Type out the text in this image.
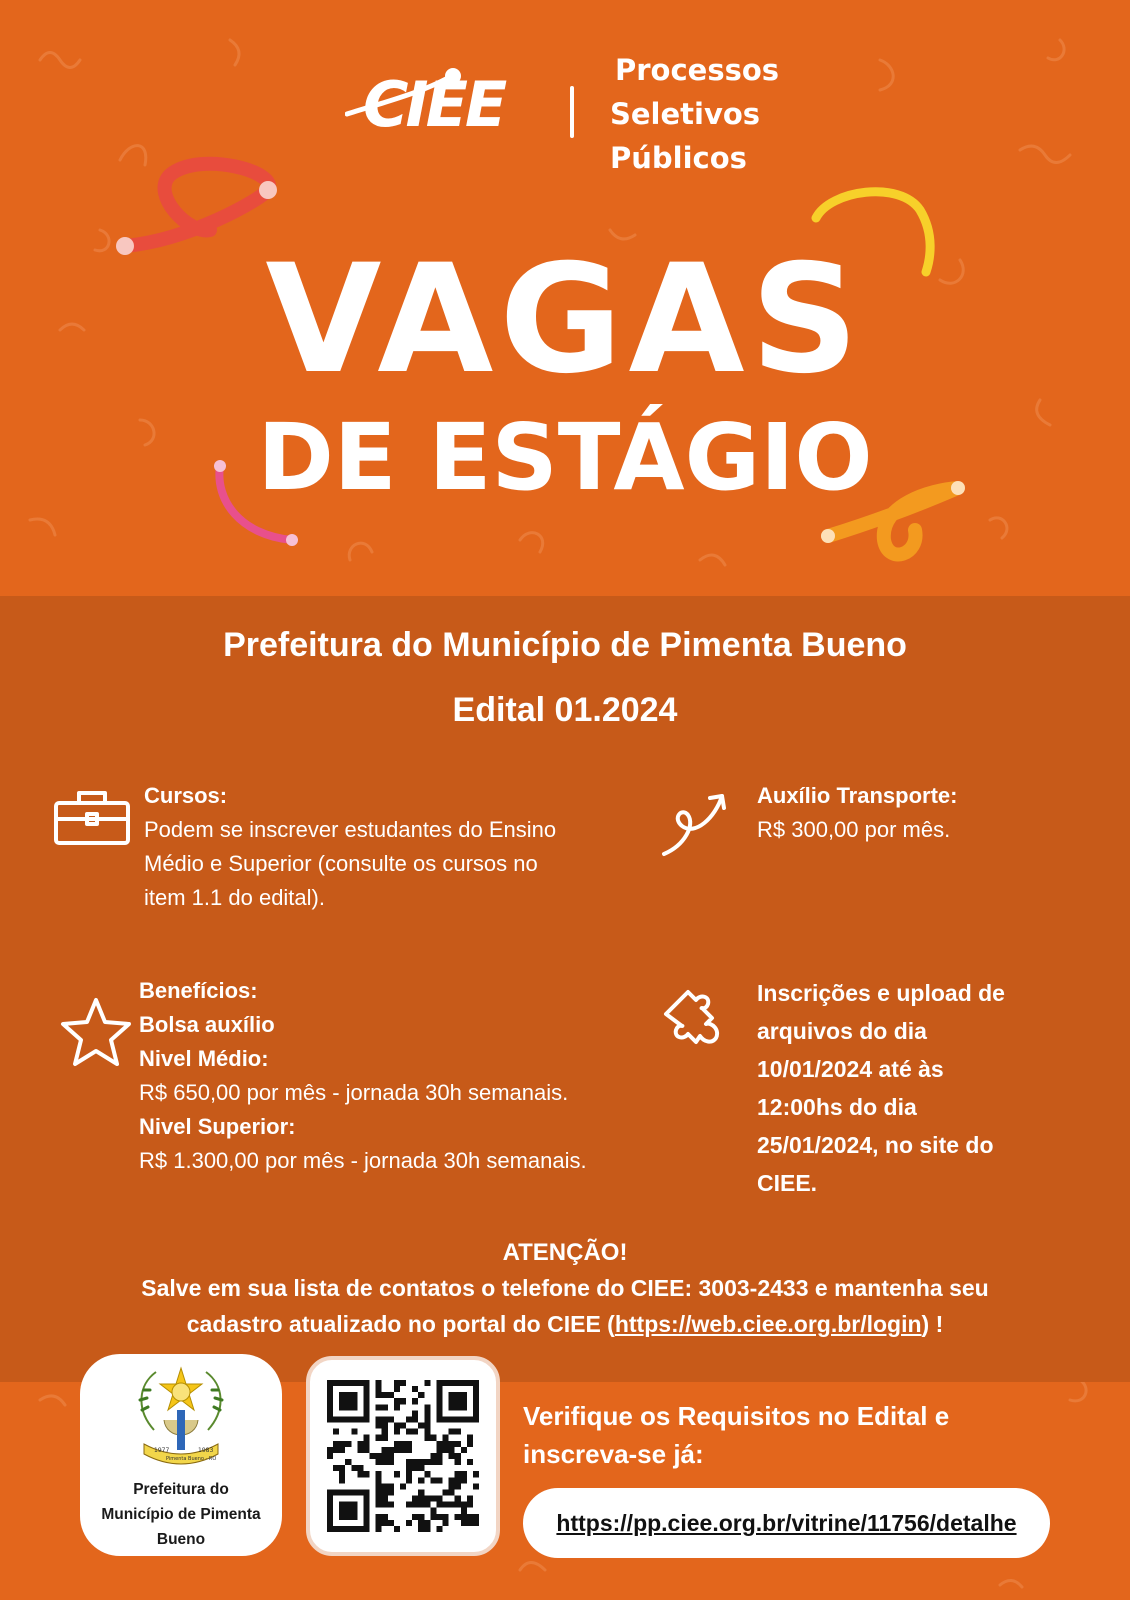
CIEE	Processos
Seletivos
Públicos
VAGAS
DE ESTÁGIO
Prefeitura do Município de Pimenta Bueno
Edital 01.2024
Cursos:
Podem se inscrever estudantes do Ensino
Médio e Superior (consulte os cursos no
item 1.1 do edital).
Auxílio Transporte:
R$ 300,00 por mês.
Benefícios:
Bolsa auxílio
Nivel Médio:
R$ 650,00 por mês - jornada 30h semanais.
Nivel Superior:
R$ 1.300,00 por mês - jornada 30h semanais.
Inscrições e upload de
arquivos do dia
10/01/2024 até às
12:00hs do dia
25/01/2024, no site do
CIEE.
ATENÇÃO!
Salve em sua lista de contatos o telefone do CIEE: 3003-2433 e mantenha seu
cadastro atualizado no portal do CIEE (https://web.ciee.org.br/login) !
1977
Pimenta Bueno - RO
1983
Prefeitura do
Município de Pimenta
Bueno
Verifique os Requisitos no Edital e
inscreva-se já:
https://pp.ciee.org.br/vitrine/11756/detalhe
